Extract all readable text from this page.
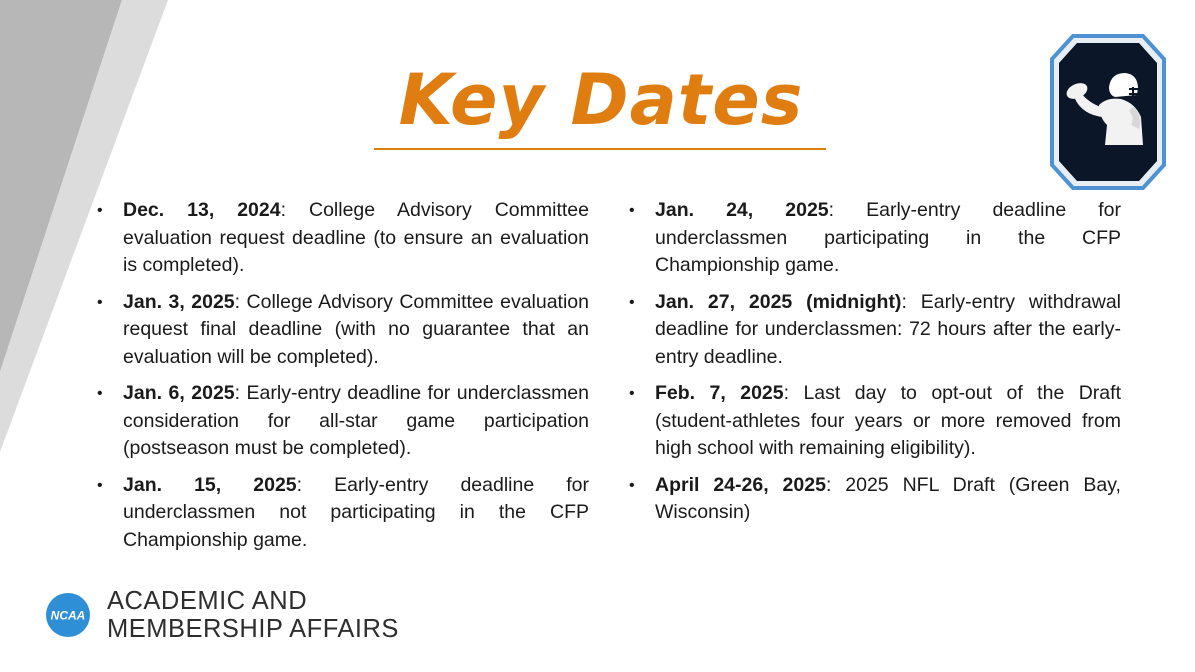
Key Dates
• Dec. 13, 2024: College Advisory Committee evaluation request deadline (to ensure an evaluation is completed).
• Jan. 3, 2025: College Advisory Committee evaluation request final deadline (with no guarantee that an evaluation will be completed).
• Jan. 6, 2025: Early-entry deadline for underclassmen consideration for all-star game participation (postseason must be completed).
• Jan. 15, 2025: Early-entry deadline for underclassmen not participating in the CFP Championship game.
• Jan. 24, 2025: Early-entry deadline for underclassmen participating in the CFP Championship game.
• Jan. 27, 2025 (midnight): Early-entry withdrawal deadline for underclassmen: 72 hours after the early-entry deadline.
• Feb. 7, 2025: Last day to opt-out of the Draft (student-athletes four years or more removed from high school with remaining eligibility).
• April 24-26, 2025: 2025 NFL Draft (Green Bay, Wisconsin)
NCAA
ACADEMIC AND
MEMBERSHIP AFFAIRS
